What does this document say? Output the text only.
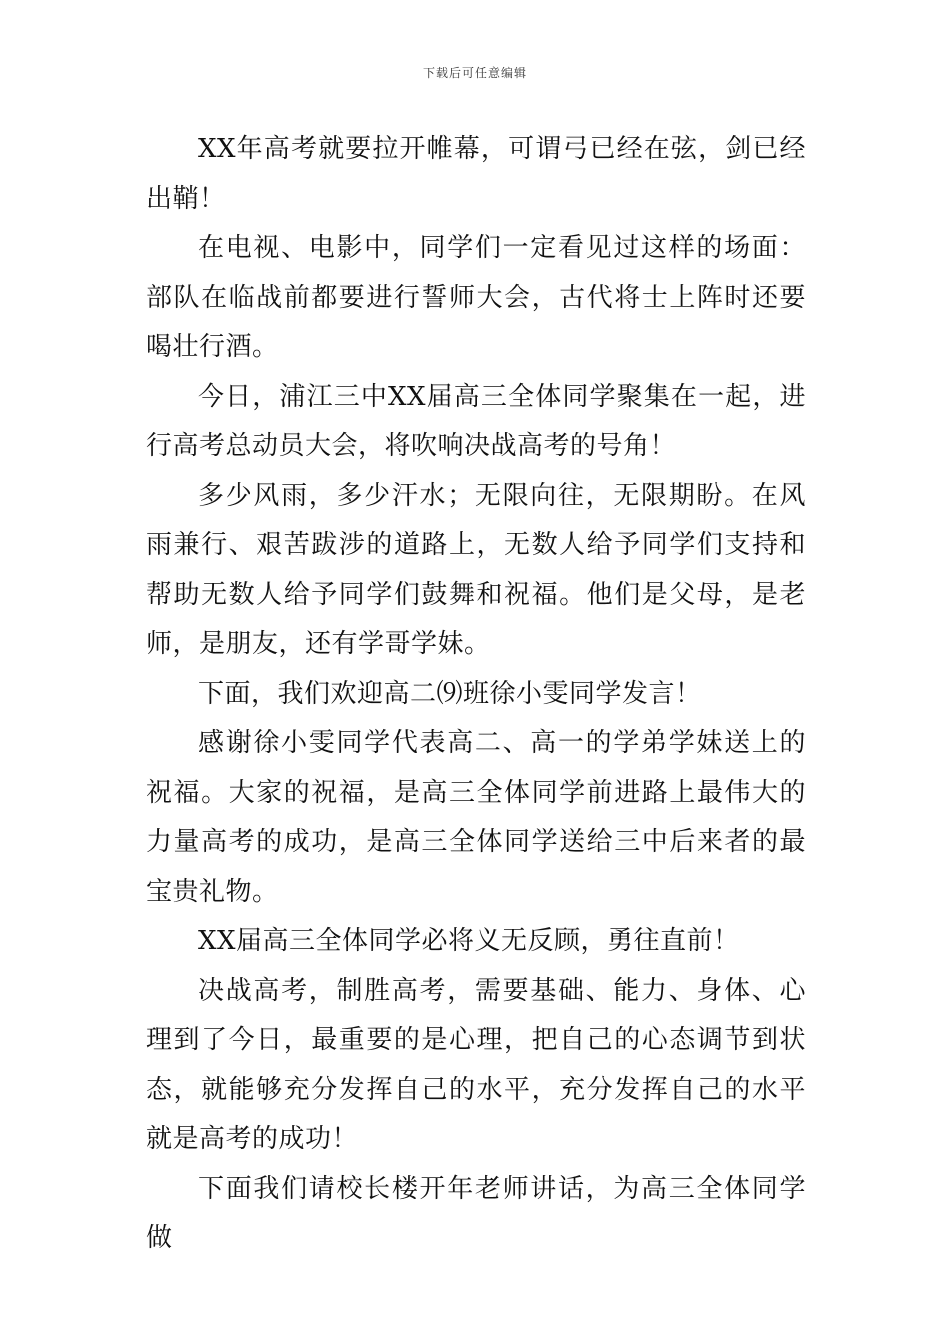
下载后可任意编辑

XX年高考就要拉开帷幕，可谓弓已经在弦，剑已经出鞘！

在电视、电影中，同学们一定看见过这样的场面：部队在临战前都要进行誓师大会，古代将士上阵时还要喝壮行酒。

今日，浦江三中XX届高三全体同学聚集在一起，进行高考总动员大会，将吹响决战高考的号角！

多少风雨，多少汗水；无限向往，无限期盼。在风雨兼行、艰苦跋涉的道路上，无数人给予同学们支持和帮助无数人给予同学们鼓舞和祝福。他们是父母，是老师，是朋友，还有学哥学妹。

下面，我们欢迎高二⑼班徐小雯同学发言！

感谢徐小雯同学代表高二、高一的学弟学妹送上的祝福。大家的祝福，是高三全体同学前进路上最伟大的力量高考的成功，是高三全体同学送给三中后来者的最宝贵礼物。

XX届高三全体同学必将义无反顾，勇往直前！

决战高考，制胜高考，需要基础、能力、身体、心理到了今日，最重要的是心理，把自己的心态调节到状态，就能够充分发挥自己的水平，充分发挥自己的水平就是高考的成功！

下面我们请校长楼开年老师讲话，为高三全体同学做
